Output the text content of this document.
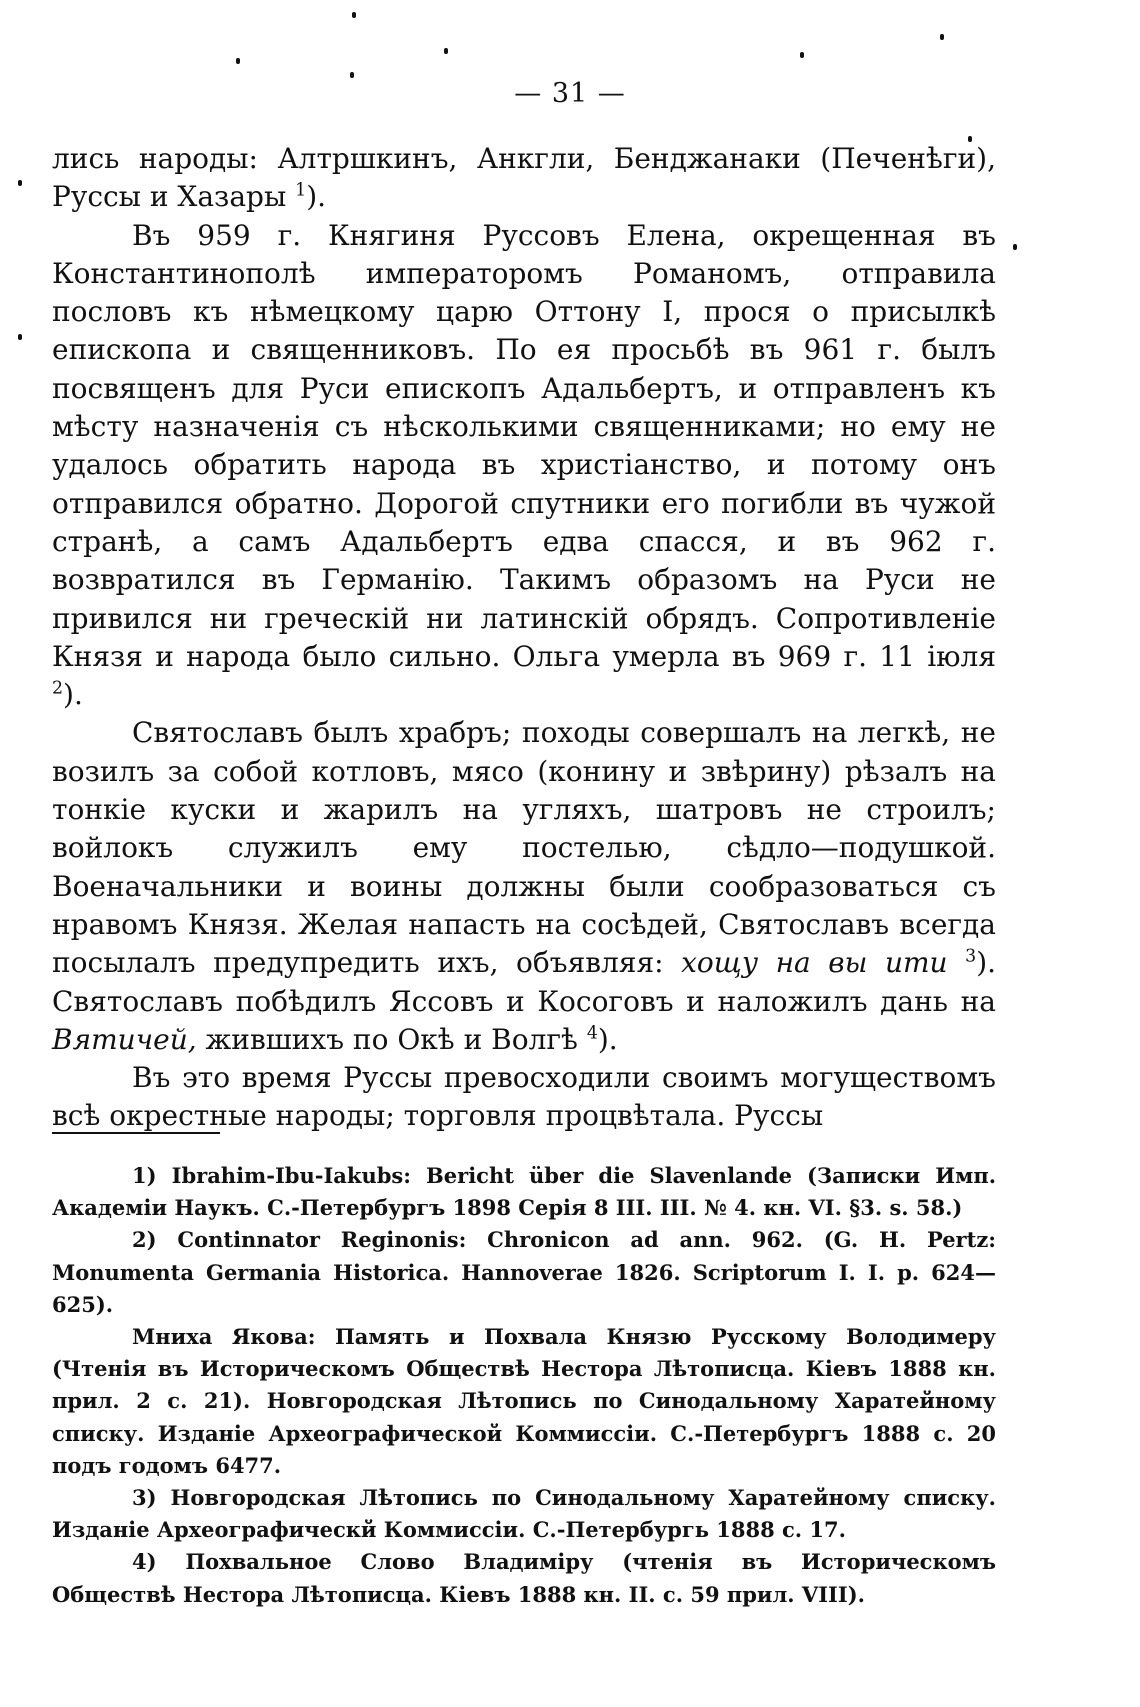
— 31 —

лись народы: Алтршкинъ, Анкгли, Бенджанаки (Печенѣги), Руссы и Хазары $^1$).

Въ 959 г. Княгиня Руссовъ Елена, окрещенная въ Константинополѣ императоромъ Романомъ, отправила пословъ къ нѣмецкому царю Оттону I, прося о присылкѣ епископа и священниковъ. По ея просьбѣ въ 961 г. былъ посвященъ для Руси епископъ Адальбертъ, и отправленъ къ мѣсту назначенія съ нѣсколькими священниками; но ему не удалось обратить народа въ христіанство, и потому онъ отправился обратно. Дорогой спутники его погибли въ чужой странѣ, а самъ Адальбертъ едва спасся, и въ 962 г. возвратился въ Германію. Такимъ образомъ на Руси не привился ни греческій ни латинскій обрядъ. Сопротивленіе Князя и народа было сильно. Ольга умерла въ 969 г. 11 іюля $^2$).

Святославъ былъ храбръ; походы совершалъ на легкѣ, не возилъ за собой котловъ, мясо (конину и звѣрину) рѣзалъ на тонкіе куски и жарилъ на угляхъ, шатровъ не строилъ; войлокъ служилъ ему постелью, сѣдло—подушкой. Военачальники и воины должны были сообразоваться съ нравомъ Князя. Желая напасть на сосѣдей, Святославъ всегда посылалъ предупредить ихъ, объявляя: хощу на вы ити $^3$). Святославъ побѣдилъ Яссовъ и Косоговъ и наложилъ дань на Вятичей, жившихъ по Окѣ и Волгѣ $^4$).

Въ это время Руссы превосходили своимъ могуществомъ всѣ окрестные народы; торговля процвѣтала. Руссы

1) Ibrahim-Ibu-Iakubs: Bericht über die Slavenlande (Записки Имп. Академіи Наукъ. С.-Петербургъ 1898 Серія 8 III. III. № 4. кн. VI. §3. s. 58.)

2) Continnator Reginonis: Chronicon ad ann. 962. (G. H. Pertz: Monumenta Germania Historica. Hannoverae 1826. Scriptorum I. I. p. 624—625).

Мниха Якова: Память и Похвала Князю Русскому Володимеру (Чтенія въ Историческомъ Обществѣ Нестора Лѣтописца. Кіевъ 1888 кн. прил. 2 с. 21). Новгородская Лѣтопись по Синодальному Харатейному списку. Изданіе Археографической Коммиссіи. С.-Петербургъ 1888 с. 20 подъ годомъ 6477.

3) Новгородская Лѣтопись по Синодальному Харатейному списку. Изданіе Археографическй Коммиссіи. С.-Петербургь 1888 с. 17.

4) Похвальное Слово Владиміру (чтенія въ Историческомъ Обществѣ Нестора Лѣтописца. Кіевъ 1888 кн. II. с. 59 прил. VIII).
